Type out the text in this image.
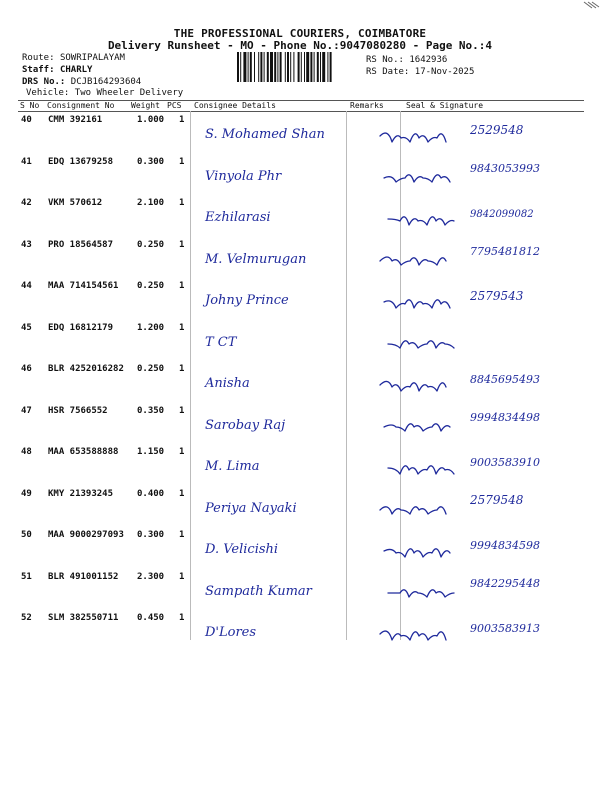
THE PROFESSIONAL COURIERS, COIMBATORE
Delivery Runsheet - MO - Phone No.:9047080280 - Page No.:4
Route: SOWRIPALAYAM
Staff: CHARLY
DRS No.: DCJB164293604
Vehicle: Two Wheeler Delivery
RS No.: 1642936
RS Date: 17-Nov-2025
S No Consignment No Weight PCS Consignee Details	Remarks	Seal & Signature
40 CMM 392161	1.000 1
S. Mohamed Shan	2529548
41 EDQ 13679258	0.300 1
Vinyola Phr
9843053993
42 VKM 570612	2.100 1
Ezhilarasi	9842099082
43 PRO 18564587	0.250 1
M. Velmurugan
7795481812
44 MAA 714154561 0.250 1
Johny Prince	2579543
45 EDQ 16812179	1.200 1
T CT
46 BLR 4252016282 0.250 1
Anisha	8845695493
47 HSR 7566552	0.350 1
Sarobay Raj
9994834498
48 MAA 653588888 1.150 1
M. Lima	9003583910
49 KMY 21393245	0.400 1
Periya Nayaki
2579548
50 MAA 9000297093 0.300 1
D. Velicishi	9994834598
51 BLR 491001152 2.300 1
Sampath Kumar
9842295448
52 SLM 382550711 0.450 1
D'Lores	9003583913
